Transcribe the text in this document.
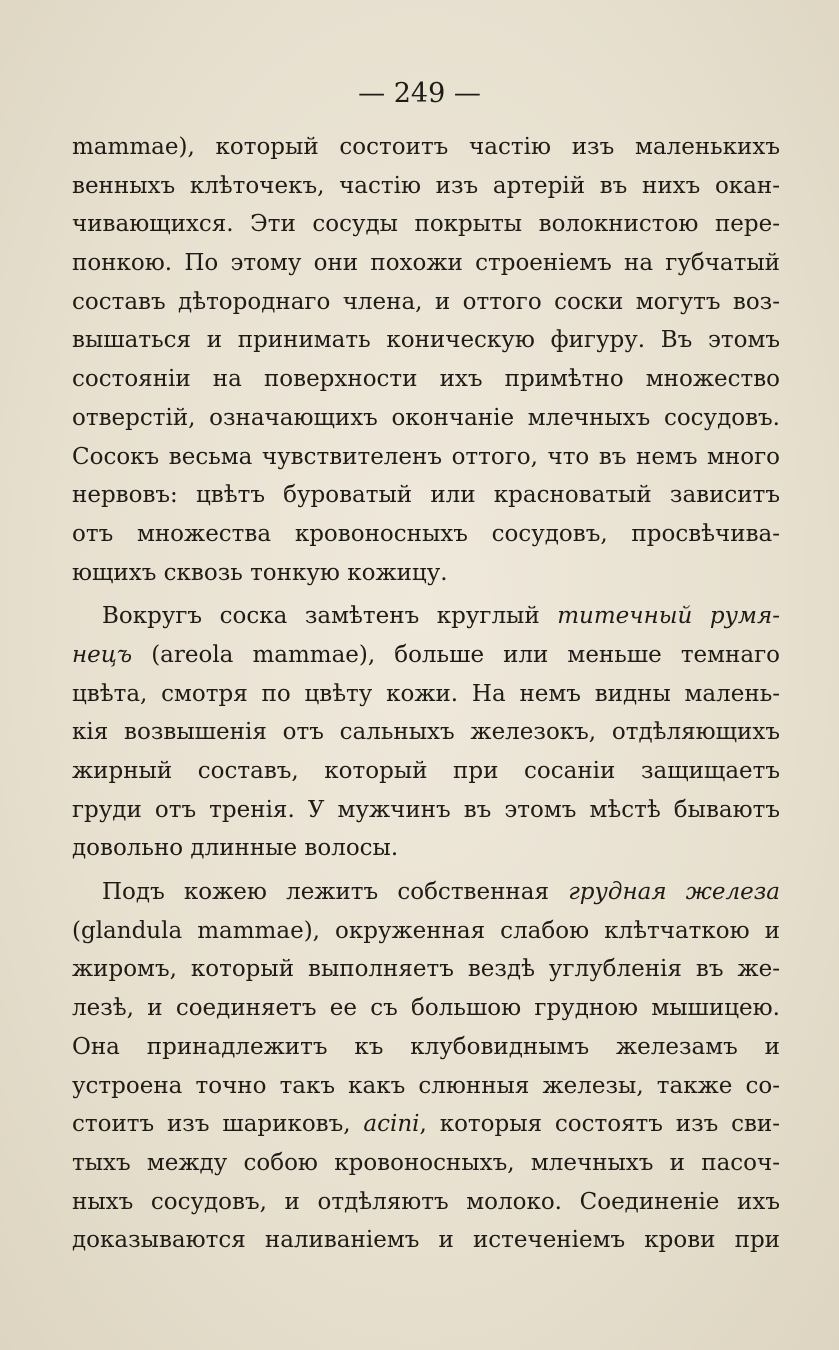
— 249 —
mammae), который состоитъ частію изъ маленькихъ
венныхъ клѣточекъ, частію изъ артерій въ нихъ окан-
чивающихся. Эти сосуды покрыты волокнистою пере-
понкою. По этому они похожи строеніемъ на губчатый
составъ дѣтороднаго члена, и оттого соски могутъ воз-
вышаться и принимать коническую фигуру. Въ этомъ
состояніи на поверхности ихъ примѣтно множество
отверстій, означающихъ окончаніе млечныхъ сосудовъ.
Сосокъ весьма чувствителенъ оттого, что въ немъ много
нервовъ: цвѣтъ буроватый или красноватый зависитъ
отъ множества кровоносныхъ сосудовъ, просвѣчива-
ющихъ сквозь тонкую кожицу.
Вокругъ соска замѣтенъ круглый титечный румя-
нецъ (areola mammae), больше или меньше темнаго
цвѣта, смотря по цвѣту кожи. На немъ видны малень-
кія возвышенія отъ сальныхъ железокъ, отдѣляющихъ
жирный составъ, который при сосаніи защищаетъ
груди отъ тренія. У мужчинъ въ этомъ мѣстѣ бываютъ
довольно длинные волосы.
Подъ кожею лежитъ собственная грудная железа
(glandula mammae), окруженная слабою клѣтчаткою и
жиромъ, который выполняетъ вездѣ углубленія въ же-
лезѣ, и соединяетъ ее съ большою грудною мышицею.
Она принадлежитъ къ клубовиднымъ железамъ и
устроена точно такъ какъ слюнныя железы, также со-
стоитъ изъ шариковъ, acini, которыя состоятъ изъ сви-
тыхъ между собою кровоносныхъ, млечныхъ и пасоч-
ныхъ сосудовъ, и отдѣляютъ молоко. Соединеніе ихъ
доказываются наливаніемъ и истеченіемъ крови при
